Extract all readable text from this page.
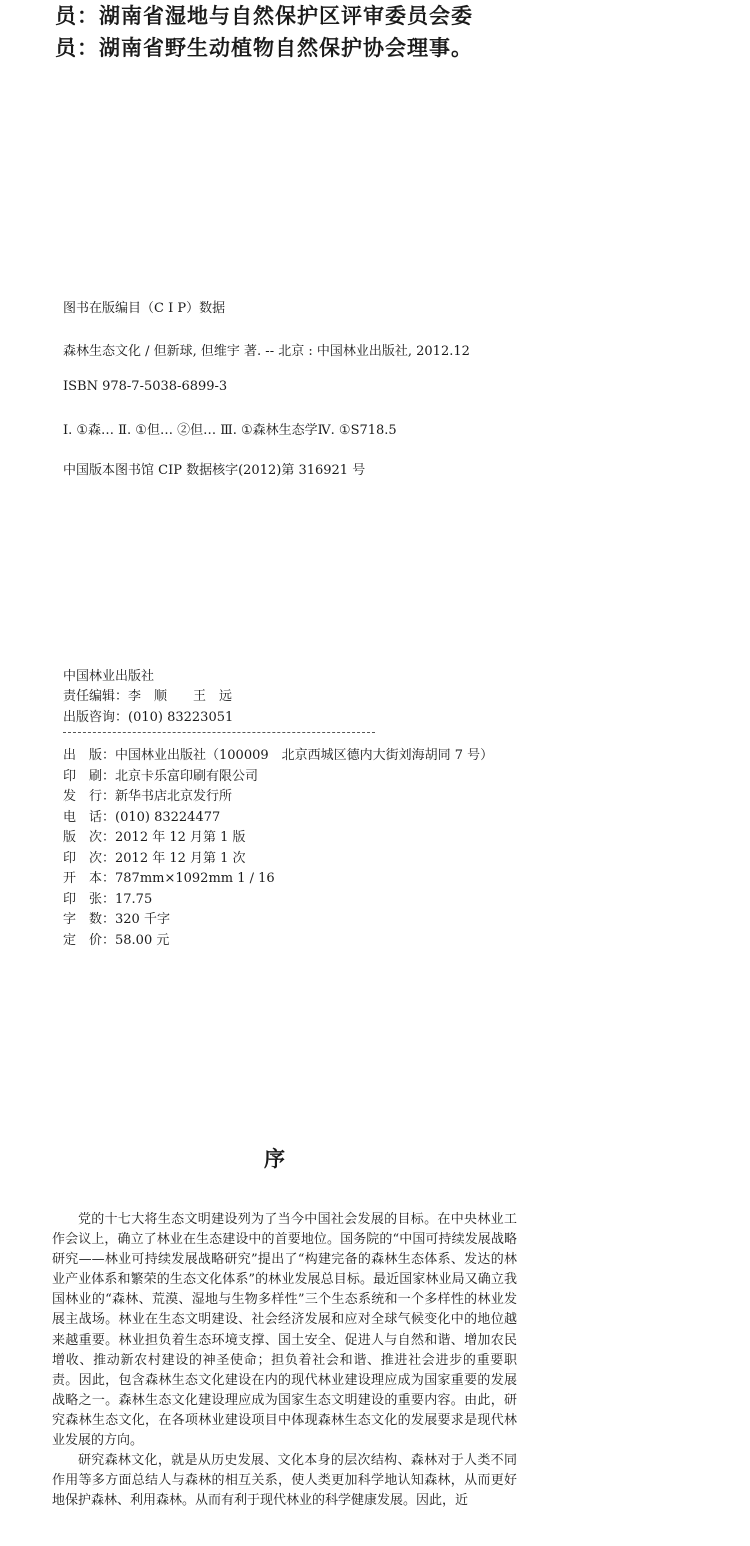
员：湖南省湿地与自然保护区评审委员会委
员：湖南省野生动植物自然保护协会理事。
图书在版编目（C I P）数据
森林生态文化 / 但新球, 但维宇 著. -- 北京 : 中国林业出版社, 2012.12
ISBN 978-7-5038-6899-3
Ⅰ. ①森… Ⅱ. ①但… ②但… Ⅲ. ①森林生态学Ⅳ. ①S718.5
中国版本图书馆 CIP 数据核字(2012)第 316921 号
中国林业出版社
责任编辑：李　顺　　王　远
出版咨询：(010) 83223051
出　版：中国林业出版社（100009　北京西城区德内大街刘海胡同 7 号）
印　刷：北京卡乐富印刷有限公司
发　行：新华书店北京发行所
电　话：(010) 83224477
版　次：2012 年 12 月第 1 版
印　次：2012 年 12 月第 1 次
开　本：787mm×1092mm 1 / 16
印　张：17.75
字　数：320 千字
定　价：58.00 元
序

党的十七大将生态文明建设列为了当今中国社会发展的目标。在中央林业工作会议上，确立了林业在生态建设中的首要地位。国务院的“中国可持续发展战略研究——林业可持续发展战略研究”提出了“构建完备的森林生态体系、发达的林业产业体系和繁荣的生态文化体系”的林业发展总目标。最近国家林业局又确立我国林业的“森林、荒漠、湿地与生物多样性”三个生态系统和一个多样性的林业发展主战场。林业在生态文明建设、社会经济发展和应对全球气候变化中的地位越来越重要。林业担负着生态环境支撑、国土安全、促进人与自然和谐、增加农民增收、推动新农村建设的神圣使命；担负着社会和谐、推进社会进步的重要职责。因此，包含森林生态文化建设在内的现代林业建设理应成为国家重要的发展战略之一。森林生态文化建设理应成为国家生态文明建设的重要内容。由此，研究森林生态文化，在各项林业建设项目中体现森林生态文化的发展要求是现代林业发展的方向。

研究森林文化，就是从历史发展、文化本身的层次结构、森林对于人类不同作用等多方面总结人与森林的相互关系，使人类更加科学地认知森林，从而更好地保护森林、利用森林。从而有利于现代林业的科学健康发展。因此，近
